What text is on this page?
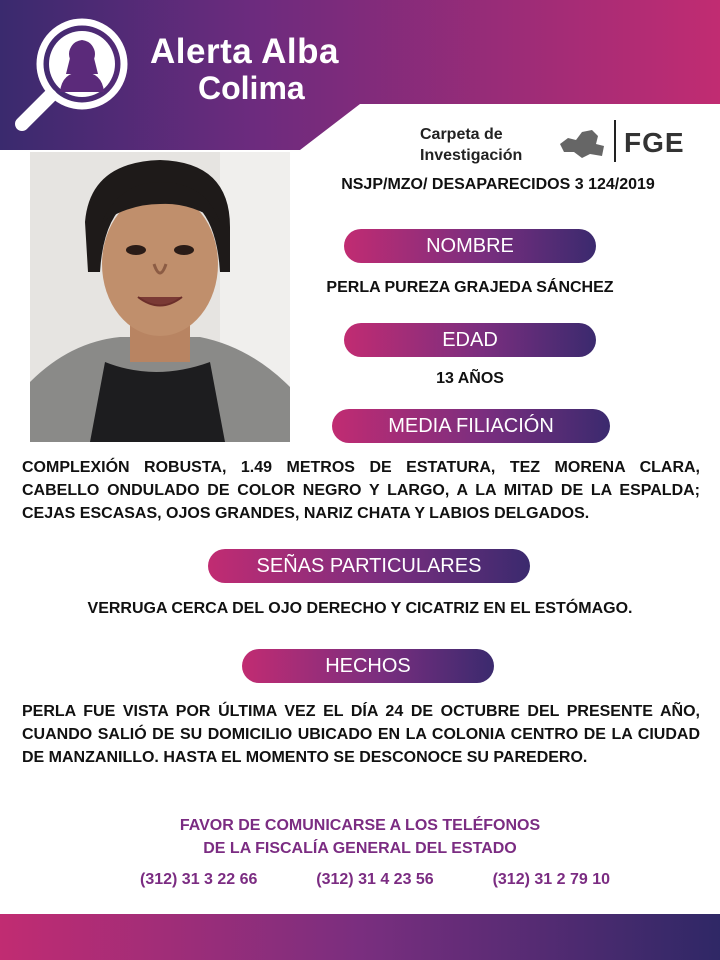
Alerta Alba
Colima
Carpeta de
Investigación	FGE
NSJP/MZO/ DESAPARECIDOS 3 124/2019
NOMBRE
PERLA PUREZA GRAJEDA SÁNCHEZ
EDAD
13 AÑOS
MEDIA FILIACIÓN
COMPLEXIÓN ROBUSTA, 1.49 METROS DE ESTATURA, TEZ MORENA CLARA, CABELLO ONDULADO DE COLOR NEGRO Y LARGO, A LA MITAD DE LA ESPALDA; CEJAS ESCASAS, OJOS GRANDES, NARIZ CHATA Y LABIOS DELGADOS.
SEÑAS PARTICULARES
VERRUGA CERCA DEL OJO DERECHO Y CICATRIZ EN EL ESTÓMAGO.
HECHOS
PERLA FUE VISTA POR ÚLTIMA VEZ EL DÍA 24 DE OCTUBRE DEL PRESENTE AÑO, CUANDO SALIÓ DE SU DOMICILIO UBICADO EN LA COLONIA CENTRO DE LA CIUDAD DE MANZANILLO. HASTA EL MOMENTO SE DESCONOCE SU PAREDERO.
FAVOR DE COMUNICARSE A LOS TELÉFONOS
DE LA FISCALÍA GENERAL DEL ESTADO
(312) 31 3 22 66	(312) 31 4 23 56	(312) 31 2 79 10
